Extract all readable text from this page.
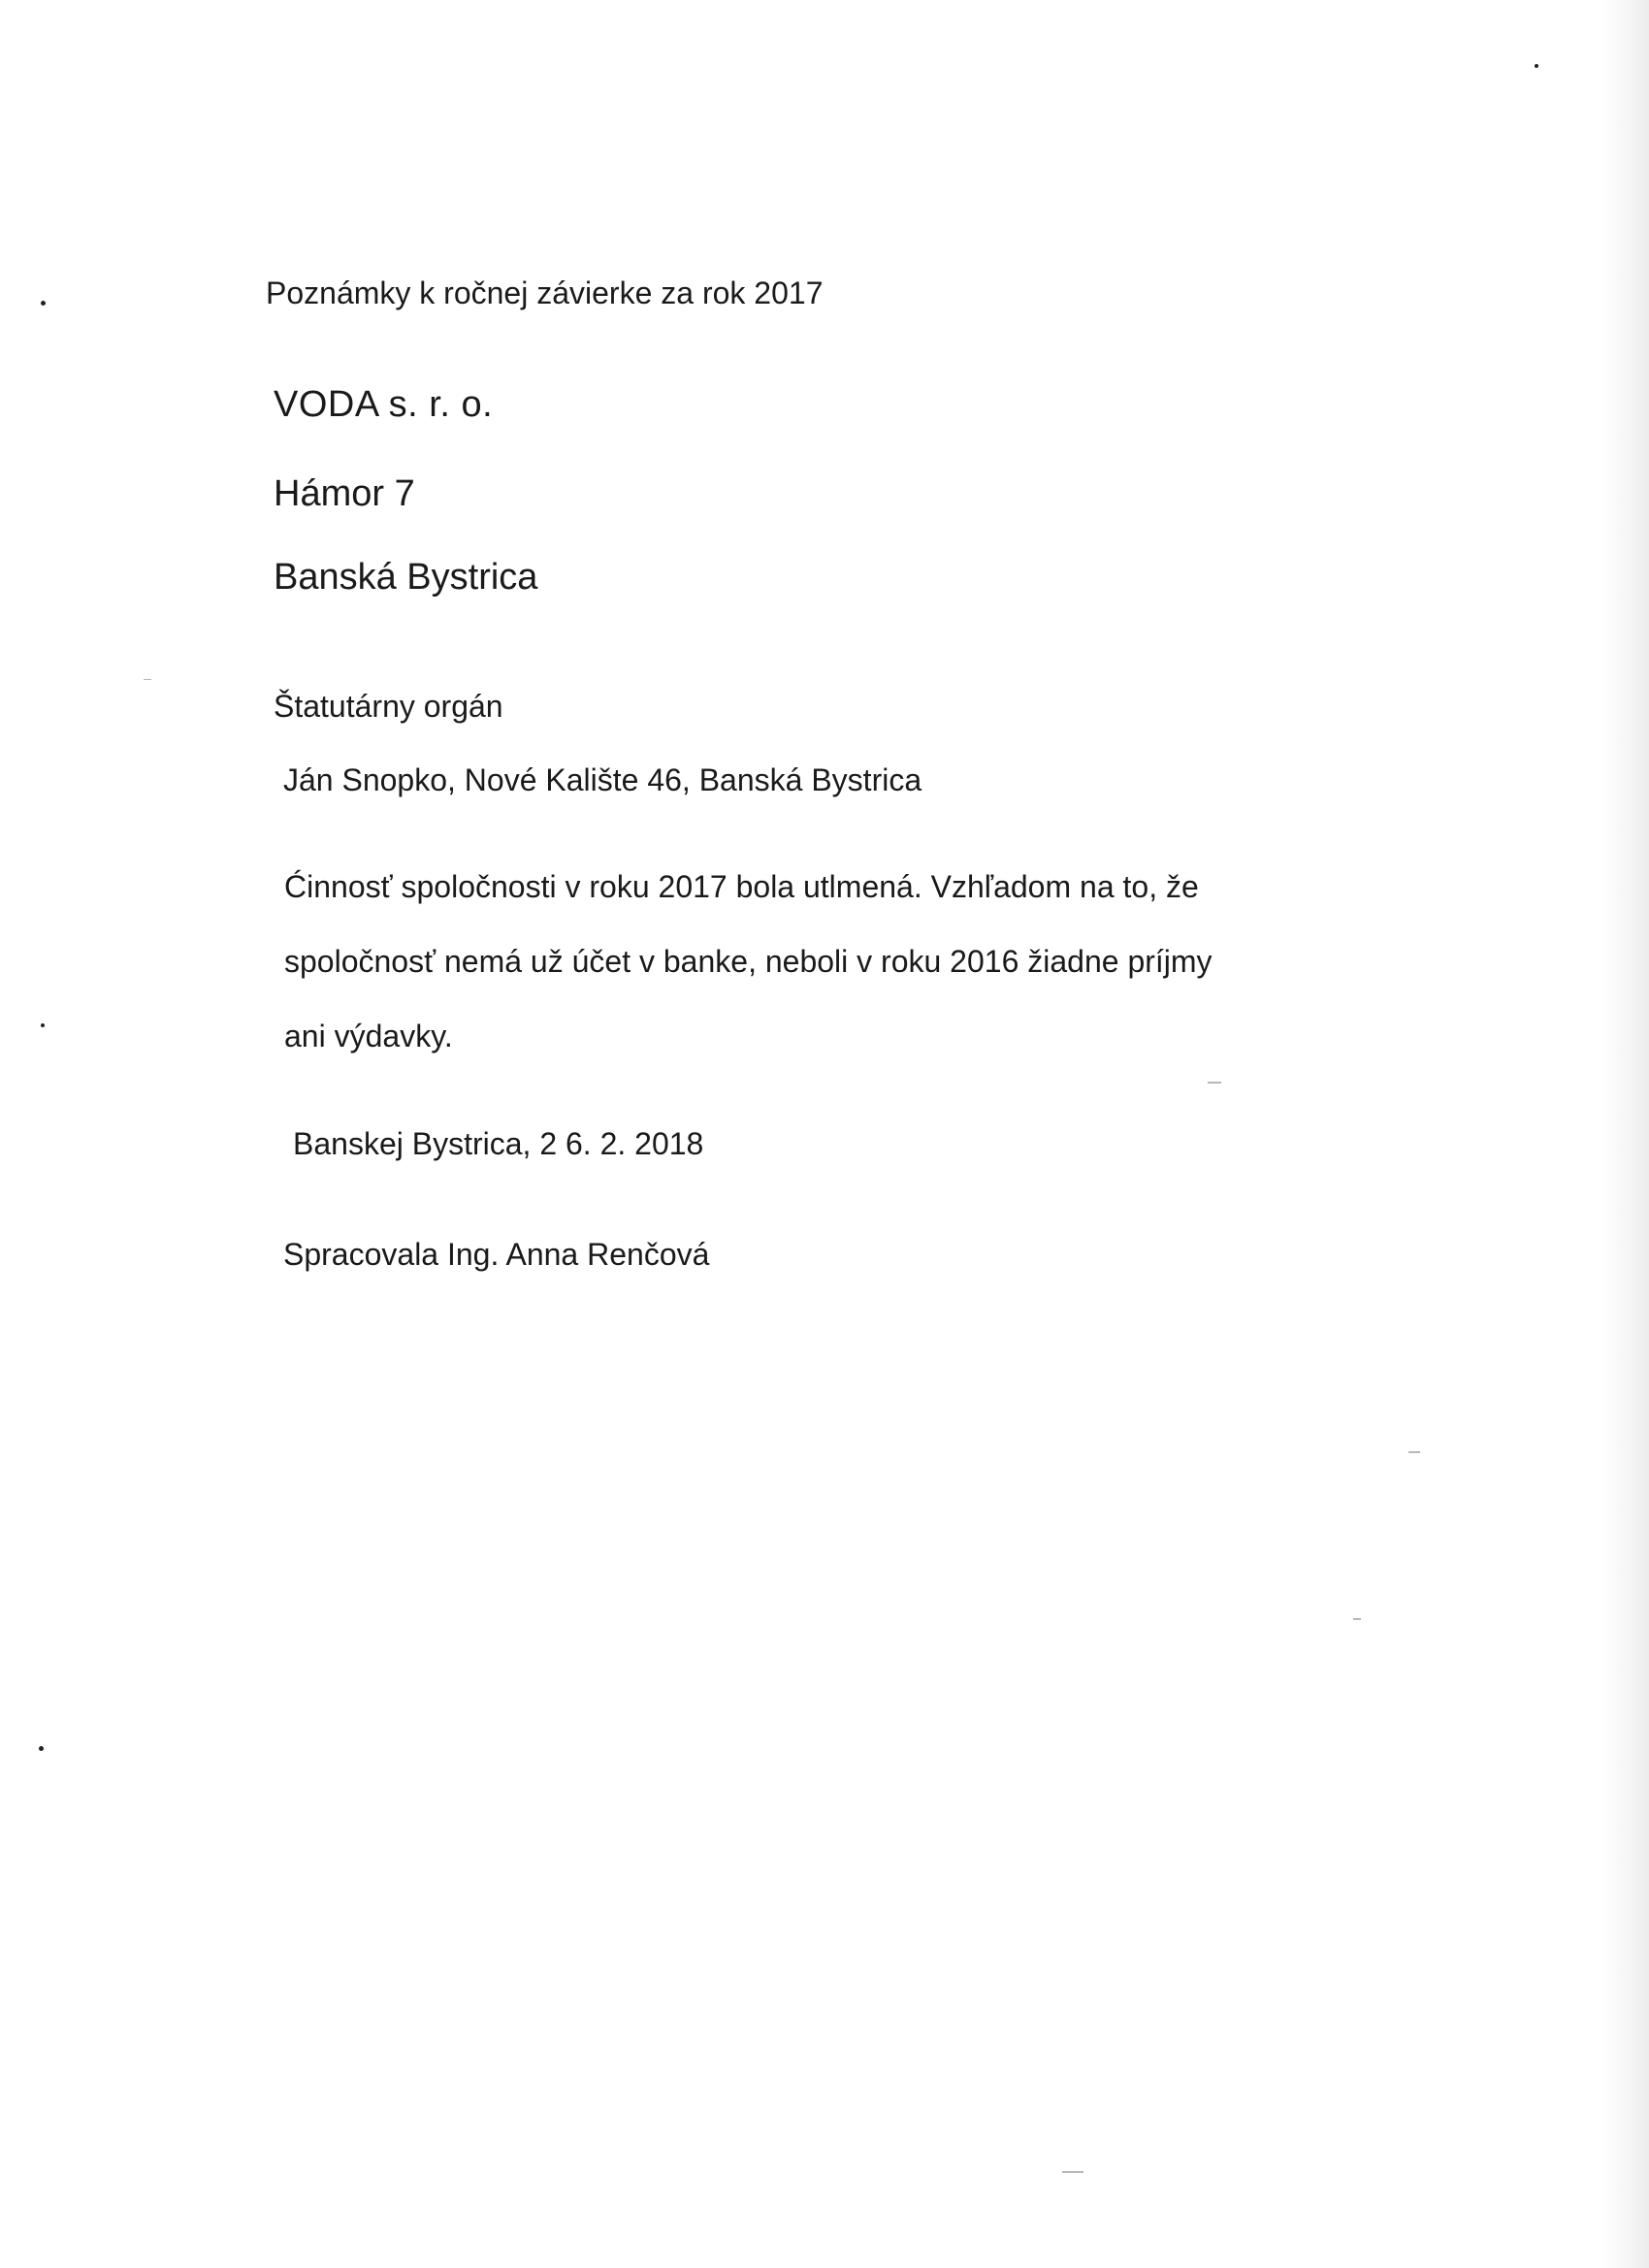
Poznámky k ročnej závierke za rok 2017
VODA s. r. o.
Hámor 7
Banská Bystrica
Štatutárny orgán
Ján Snopko, Nové Kalište 46, Banská Bystrica
Ćinnosť spoločnosti v roku 2017 bola utlmená. Vzhľadom na to, že
spoločnosť nemá už účet v banke, neboli v roku 2016 žiadne príjmy
ani výdavky.
Banskej Bystrica, 2 6. 2. 2018
Spracovala Ing. Anna Renčová
